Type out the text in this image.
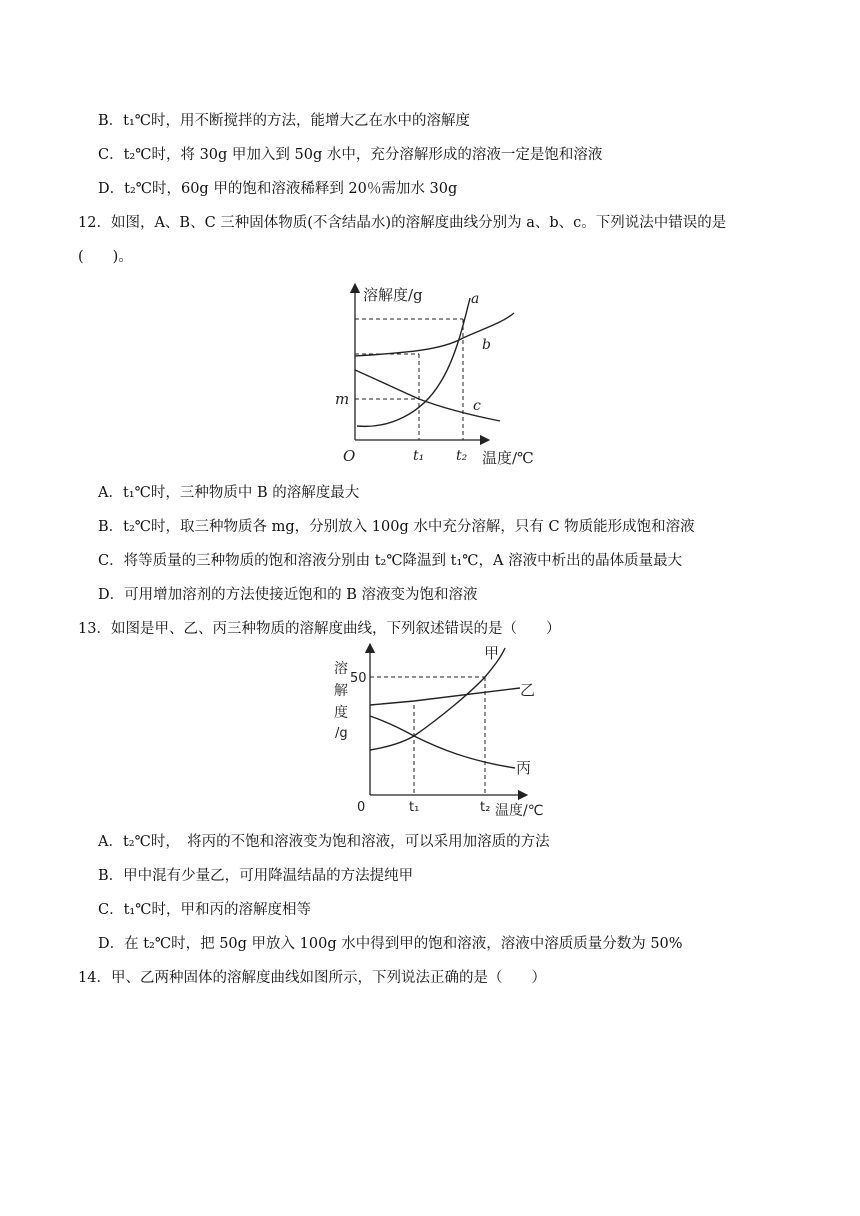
B．t₁℃时，用不断搅拌的方法，能增大乙在水中的溶解度
C．t₂℃时，将 30g 甲加入到 50g 水中，充分溶解形成的溶液一定是饱和溶液
D．t₂℃时，60g 甲的饱和溶液稀释到 20％需加水 30g
12．如图，A、B、C 三种固体物质(不含结晶水)的溶解度曲线分别为 a、b、c。下列说法中错误的是
(　　)。
溶解度/g	a
b
c
m
O	t₁ t₂ 温度/℃
A．t₁℃时，三种物质中 B 的溶解度最大
B．t₂℃时，取三种物质各 mg，分别放入 100g 水中充分溶解，只有 C 物质能形成饱和溶液
C．将等质量的三种物质的饱和溶液分别由 t₂℃降温到 t₁℃，A 溶液中析出的晶体质量最大
D．可用增加溶剂的方法使接近饱和的 B 溶液变为饱和溶液
13．如图是甲、乙、丙三种物质的溶解度曲线，下列叙述错误的是（　　）
溶
解
度
/g
50
甲
乙
丙
0	t₁	t₂ 温度/℃
A．t₂℃时，　将丙的不饱和溶液变为饱和溶液，可以采用加溶质的方法
B．甲中混有少量乙，可用降温结晶的方法提纯甲
C．t₁℃时，甲和丙的溶解度相等
D．在 t₂℃时，把 50g 甲放入 100g 水中得到甲的饱和溶液，溶液中溶质质量分数为 50%
14．甲、乙两种固体的溶解度曲线如图所示，下列说法正确的是（　　）
